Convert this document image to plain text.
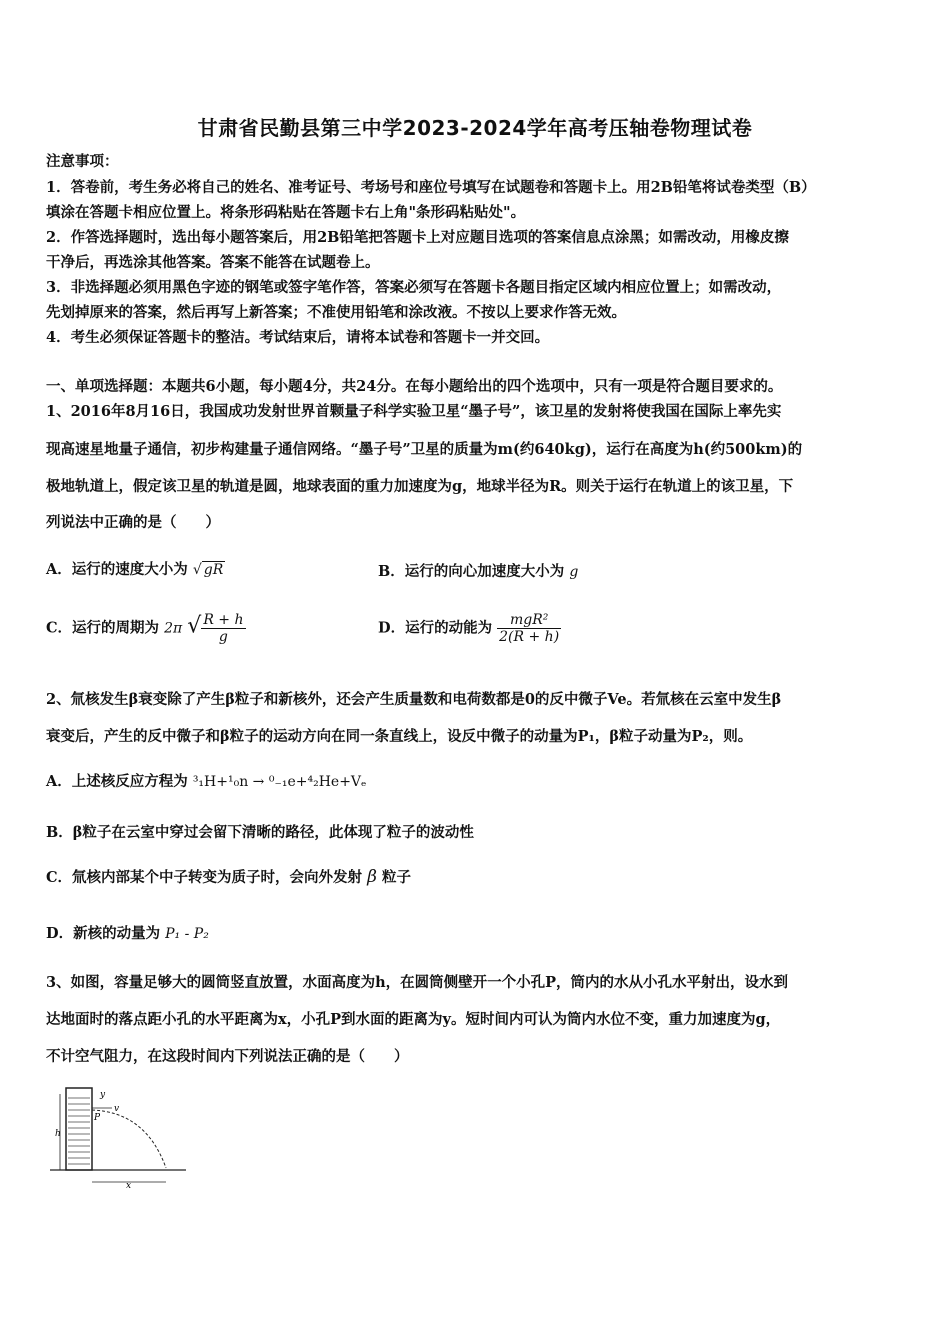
甘肃省民勤县第三中学2023-2024学年高考压轴卷物理试卷
注意事项：
1．答卷前，考生务必将自己的姓名、准考证号、考场号和座位号填写在试题卷和答题卡上。用2B铅笔将试卷类型（B）
填涂在答题卡相应位置上。将条形码粘贴在答题卡右上角"条形码粘贴处"。
2．作答选择题时，选出每小题答案后，用2B铅笔把答题卡上对应题目选项的答案信息点涂黑；如需改动，用橡皮擦
干净后，再选涂其他答案。答案不能答在试题卷上。
3．非选择题必须用黑色字迹的钢笔或签字笔作答，答案必须写在答题卡各题目指定区域内相应位置上；如需改动，
先划掉原来的答案，然后再写上新答案；不准使用铅笔和涂改液。不按以上要求作答无效。
4．考生必须保证答题卡的整洁。考试结束后，请将本试卷和答题卡一并交回。
一、单项选择题：本题共6小题，每小题4分，共24分。在每小题给出的四个选项中，只有一项是符合题目要求的。
1、2016年8月16日，我国成功发射世界首颗量子科学实验卫星“墨子号”，该卫星的发射将使我国在国际上率先实
现高速星地量子通信，初步构建量子通信网络。“墨子号”卫星的质量为m(约640kg)，运行在高度为h(约500km)的
极地轨道上，假定该卫星的轨道是圆，地球表面的重力加速度为g，地球半径为R。则关于运行在轨道上的该卫星，下
列说法中正确的是（　　）
A．运行的速度大小为 √ gR	B．运行的向心加速度大小为 g
C．运行的周期为 2π √ $\frac{R + h}{g}$	D．运行的动能为 $\frac{\text{mgR²}}{2(R + h)}$
2、氚核发生β衰变除了产生β粒子和新核外，还会产生质量数和电荷数都是0的反中微子Ve。若氚核在云室中发生β
衰变后，产生的反中微子和β粒子的运动方向在同一条直线上，设反中微子的动量为P₁，β粒子动量为P₂，则。
A．上述核反应方程为 ³₁H+¹₀n → ⁰₋₁e+⁴₂He+Vₑ
B．β粒子在云室中穿过会留下清晰的路径，此体现了粒子的波动性
C．氚核内部某个中子转变为质子时，会向外发射 β 粒子
D．新核的动量为 P₁ - P₂
3、如图，容量足够大的圆筒竖直放置，水面高度为h，在圆筒侧壁开一个小孔P，筒内的水从小孔水平射出，设水到
达地面时的落点距小孔的水平距离为x，小孔P到水面的距离为y。短时间内可认为筒内水位不变，重力加速度为g，
不计空气阻力，在这段时间内下列说法正确的是（　　）
h
y
v
P
x
